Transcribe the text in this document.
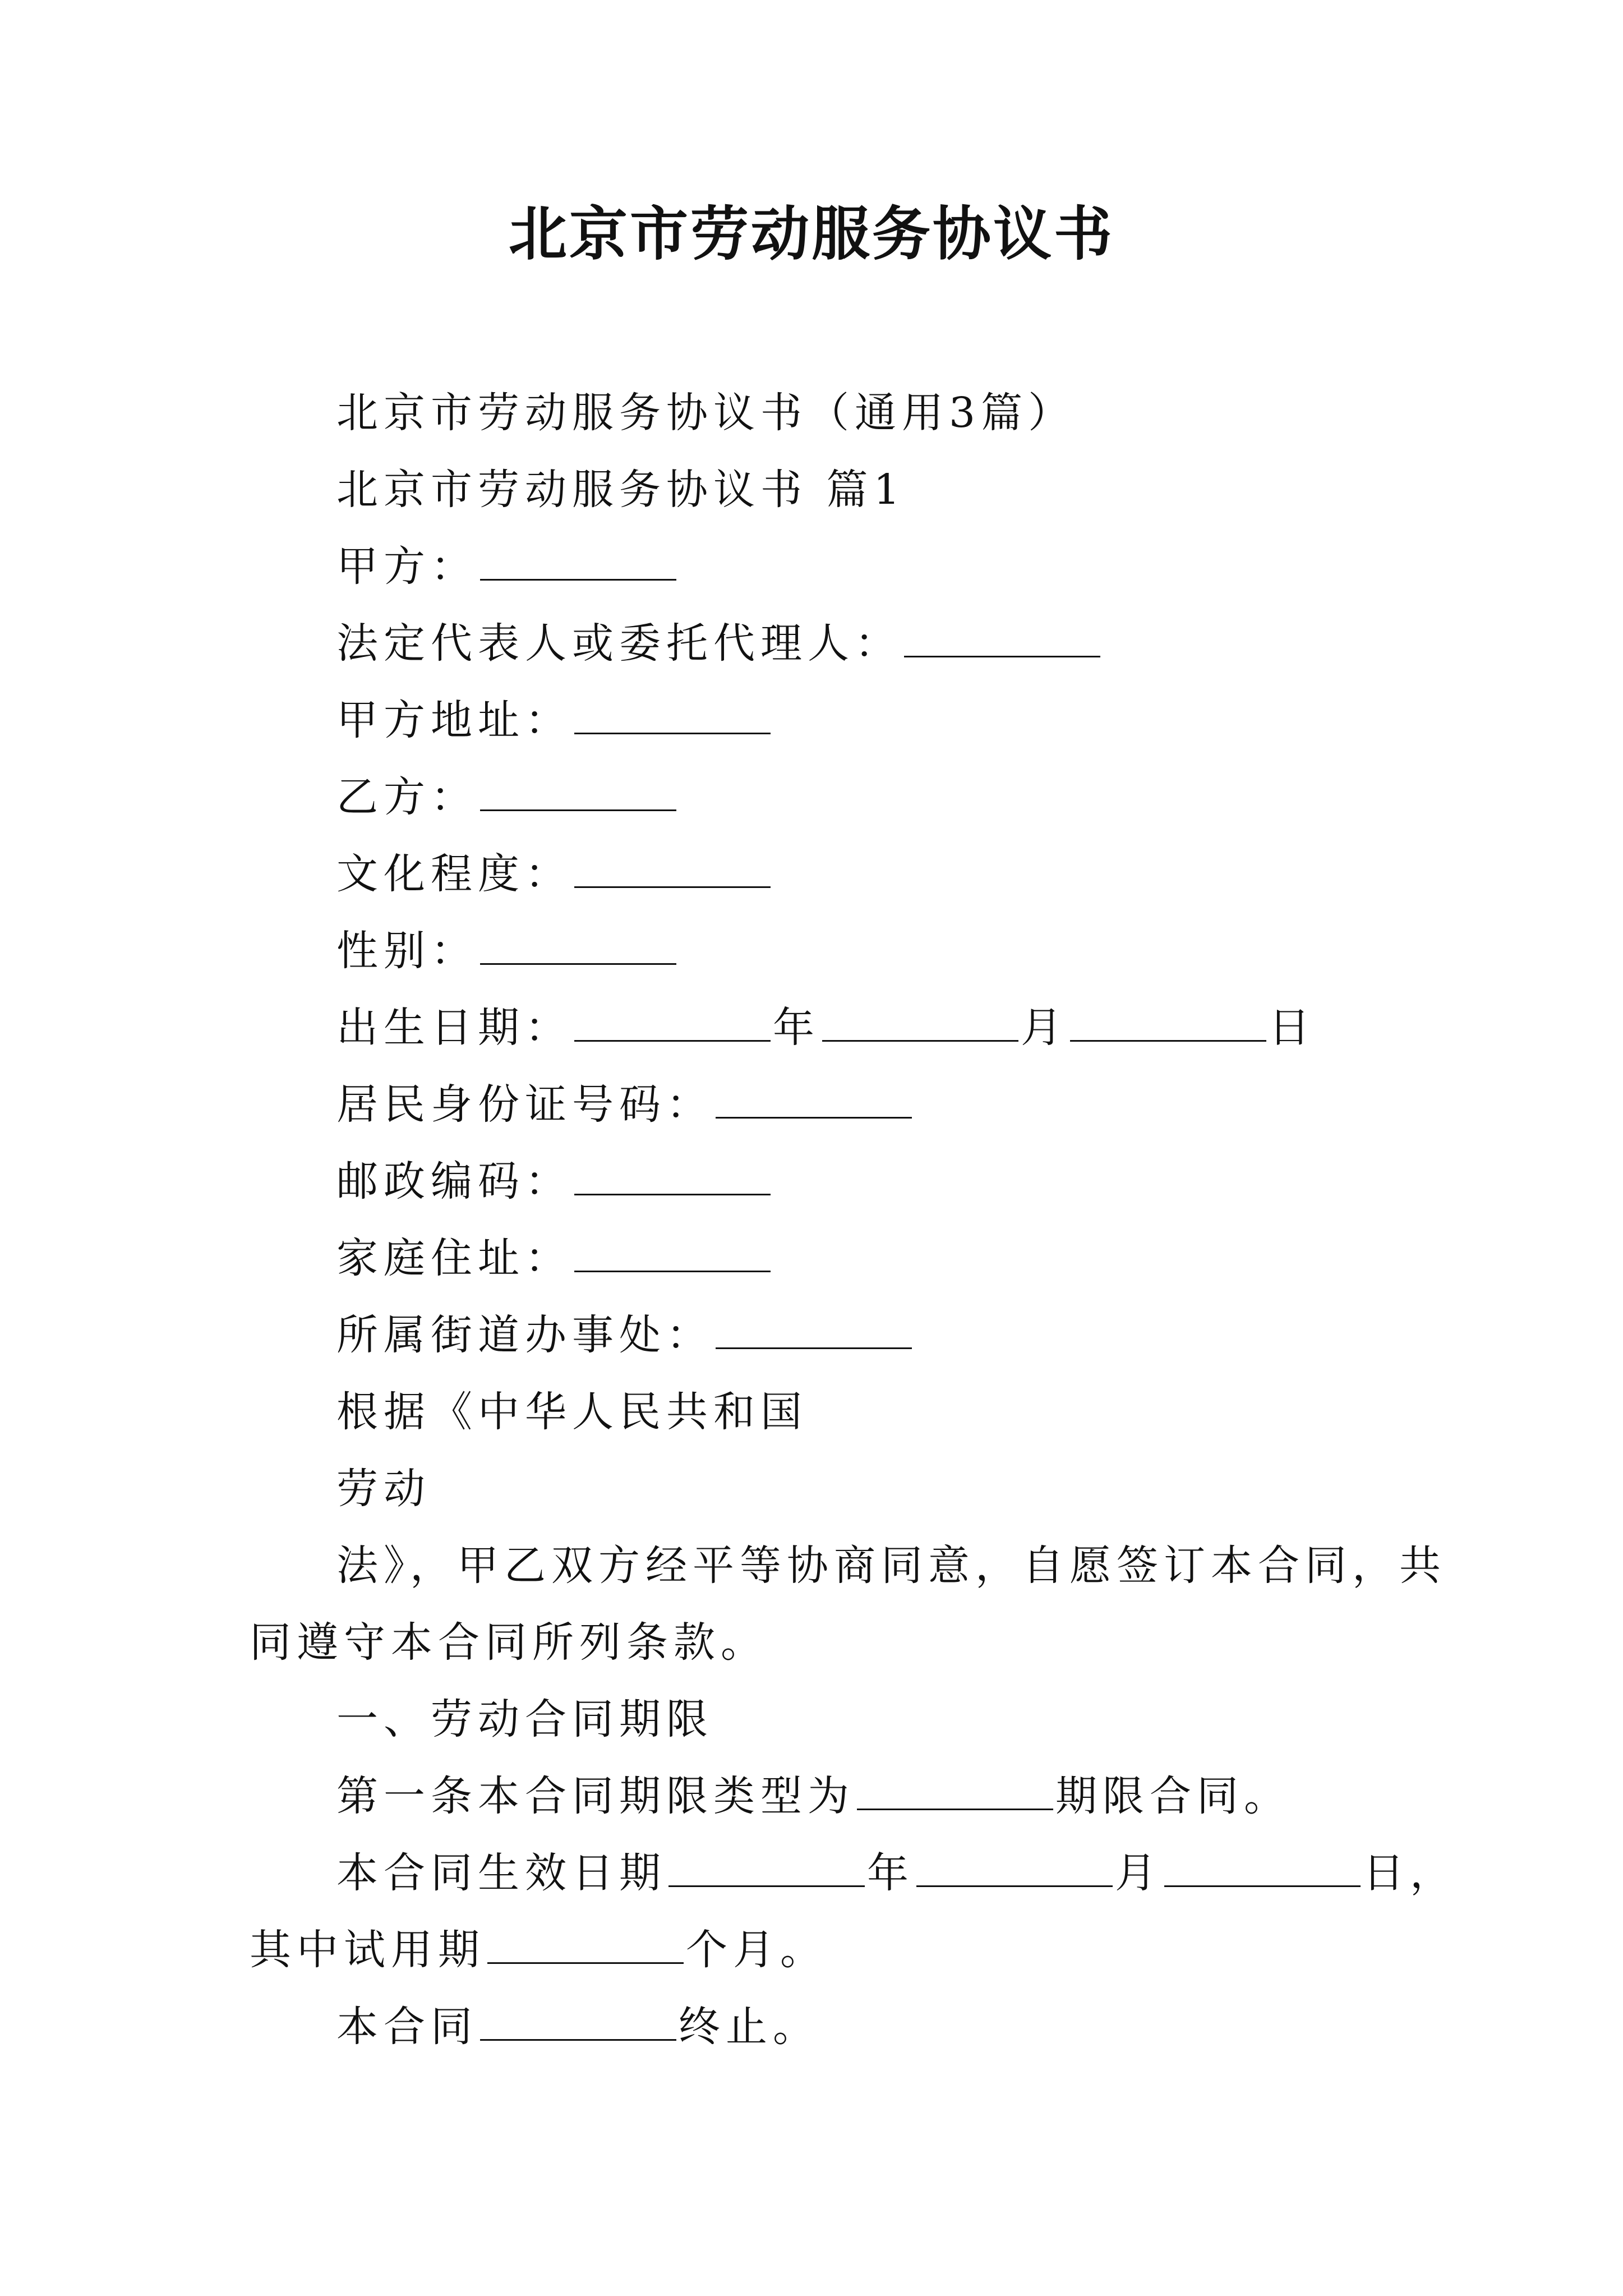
北京市劳动服务协议书
北京市劳动服务协议书（通用3篇）
北京市劳动服务协议书 篇1
甲方：
法定代表人或委托代理人：
甲方地址：
乙方：
文化程度：
性别：
出生日期：	年	月	日
居民身份证号码：
邮政编码：
家庭住址：
所属街道办事处：
根据《中华人民共和国
劳动
法》，甲乙双方经平等协商同意，自愿签订本合同，共
同遵守本合同所列条款。
一、劳动合同期限
第一条本合同期限类型为	期限合同。
本合同生效日期	年	月	日，
其中试用期	个月。
本合同	终止。
